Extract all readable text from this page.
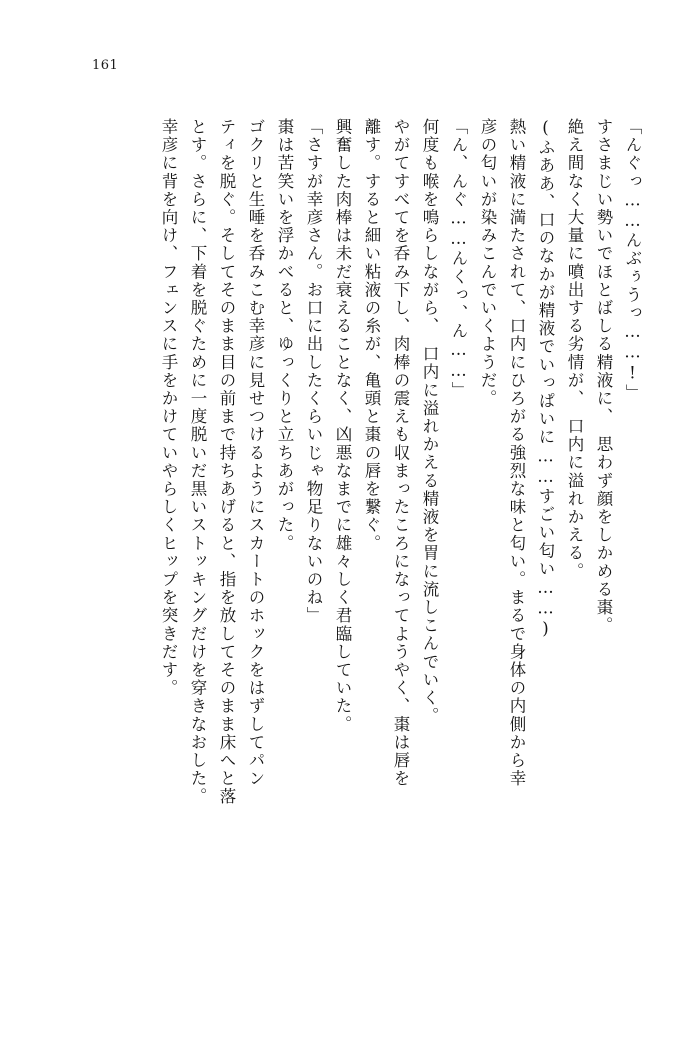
161
「んぐっ……んぶぅうっ……!」
すさまじい勢いでほとばしる精液に、　思わず顔をしかめる棗。
絶え間なく大量に噴出する劣情が、　口内に溢れかえる。
(ふああ、口のなかが精液でいっぱいに……すごい匂い……)
熱い精液に満たされて、口内にひろがる強烈な味と匂い。まるで身体の内側から幸
彦の匂いが染みこんでいくようだ。
「ん、んぐ……んくっ、ん……」
何度も喉を鳴らしながら、　口内に溢れかえる精液を胃に流しこんでいく。
やがてすべてを呑み下し、肉棒の震えも収まったころになってようやく、棗は唇を
離す。すると細い粘液の糸が、亀頭と棗の唇を繋ぐ。
興奮した肉棒は未だ衰えることなく、凶悪なまでに雄々しく君臨していた。
「さすが幸彦さん。お口に出したくらいじゃ物足りないのね」
棗は苦笑いを浮かべると、ゆっくりと立ちあがった。
ゴクリと生唾を呑みこむ幸彦に見せつけるようにスカートのホックをはずしてパン
ティを脱ぐ。そしてそのまま目の前まで持ちあげると、指を放してそのまま床へと落
とす。さらに、下着を脱ぐために一度脱いだ黒いストッキングだけを穿きなおした。
幸彦に背を向け、フェンスに手をかけていやらしくヒップを突きだす。
